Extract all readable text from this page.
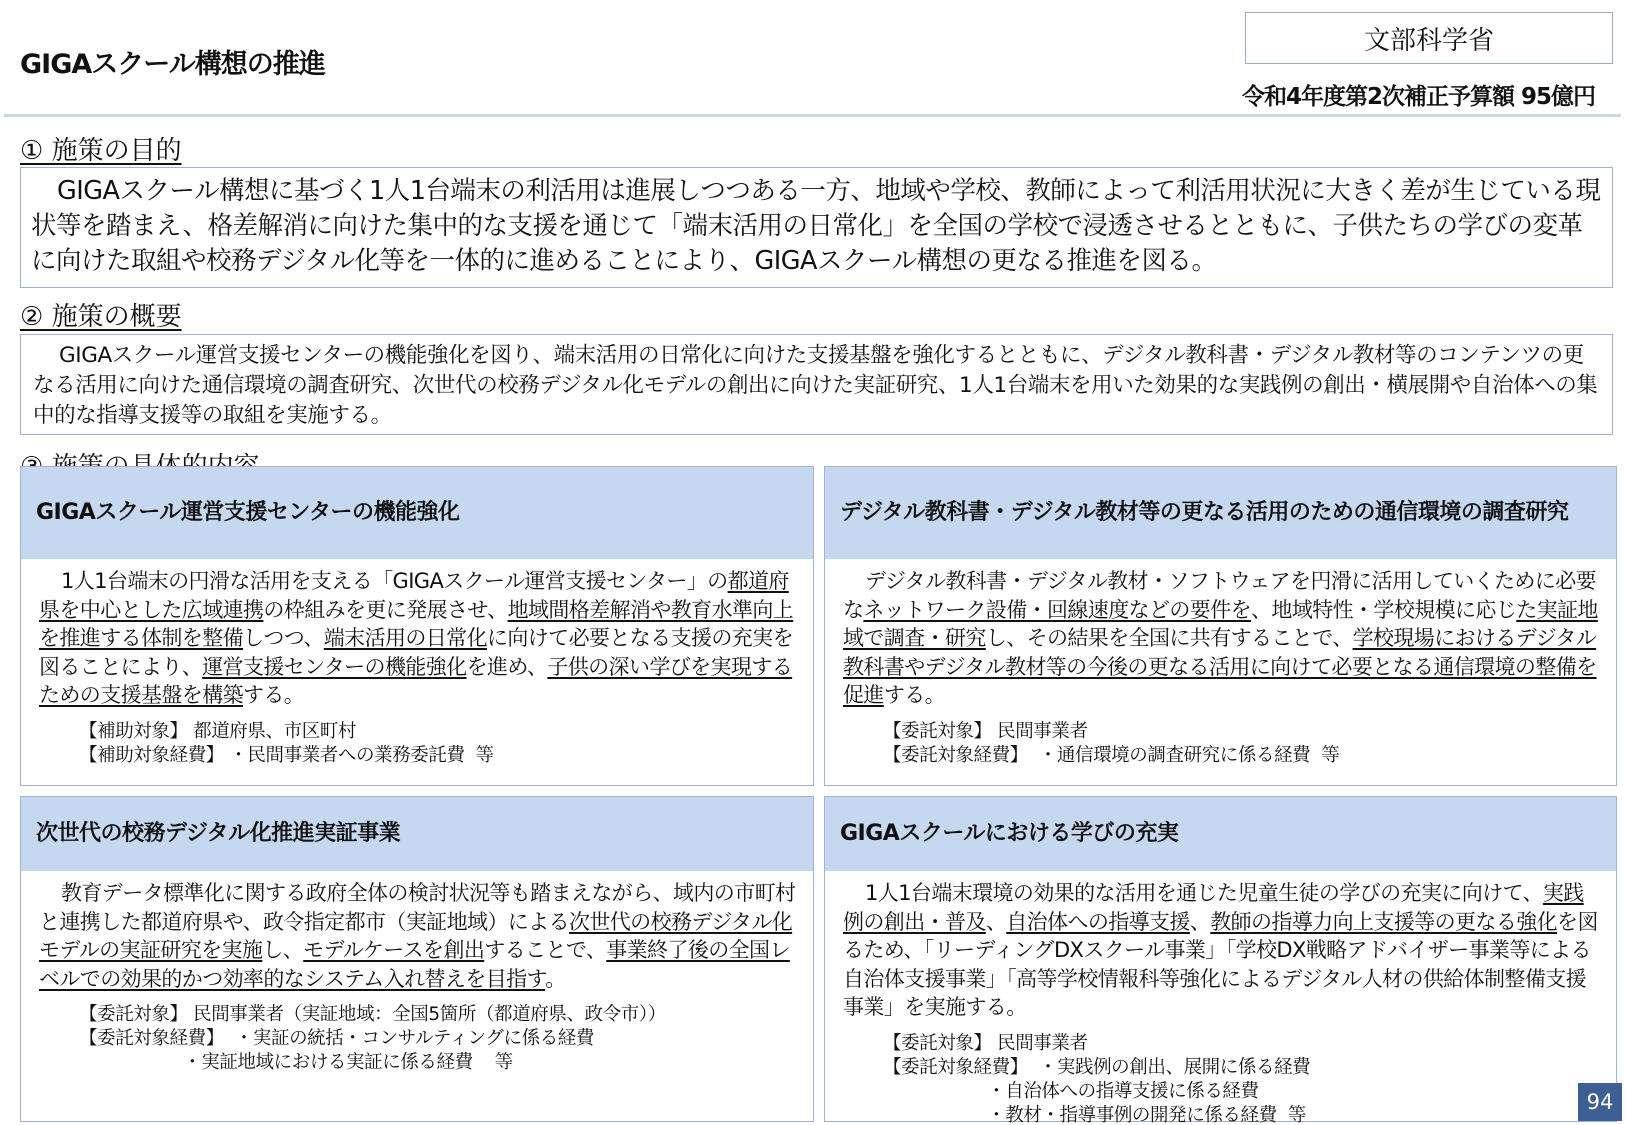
GIGAスクール構想の推進
文部科学省
令和4年度第2次補正予算額 95億円
① 施策の目的
GIGAスクール構想に基づく1人1台端末の利活用は進展しつつある一方、地域や学校、教師によって利活用状況に大きく差が生じている現状等を踏まえ、格差解消に向けた集中的な支援を通じて「端末活用の日常化」を全国の学校で浸透させるとともに、子供たちの学びの変革に向けた取組や校務デジタル化等を一体的に進めることにより、GIGAスクール構想の更なる推進を図る。
② 施策の概要
GIGAスクール運営支援センターの機能強化を図り、端末活用の日常化に向けた支援基盤を強化するとともに、デジタル教科書・デジタル教材等のコンテンツの更なる活用に向けた通信環境の調査研究、次世代の校務デジタル化モデルの創出に向けた実証研究、1人1台端末を用いた効果的な実践例の創出・横展開や自治体への集中的な指導支援等の取組を実施する。
GIGAスクール運営支援センターの機能強化

1人1台端末の円滑な活用を支える「GIGAスクール運営支援センター」の都道府県を中心とした広域連携の枠組みを更に発展させ、地域間格差解消や教育水準向上を推進する体制を整備しつつ、端末活用の日常化に向けて必要となる支援の充実を図ることにより、運営支援センターの機能強化を進め、子供の深い学びを実現するための支援基盤を構築する。

【補助対象】 都道府県、市区町村
【補助対象経費】 ・民間事業者への業務委託費  等
デジタル教科書・デジタル教材等の更なる活用のための通信環境の調査研究

デジタル教科書・デジタル教材・ソフトウェアを円滑に活用していくために必要なネットワーク設備・回線速度などの要件を、地域特性・学校規模に応じた実証地域で調査・研究し、その結果を全国に共有することで、学校現場におけるデジタル教科書やデジタル教材等の今後の更なる活用に向けて必要となる通信環境の整備を促進する。

【委託対象】 民間事業者
【委託対象経費】 ・通信環境の調査研究に係る経費  等
次世代の校務デジタル化推進実証事業

教育データ標準化に関する政府全体の検討状況等も踏まえながら、域内の市町村と連携した都道府県や、政令指定都市（実証地域）による次世代の校務デジタル化モデルの実証研究を実施し、モデルケースを創出することで、事業終了後の全国レベルでの効果的かつ効率的なシステム入れ替えを目指す。

【委託対象】 民間事業者（実証地域：全国5箇所（都道府県、政令市））
【委託対象経費】 ・実証の統括・コンサルティングに係る経費
・実証地域における実証に係る経費    等
GIGAスクールにおける学びの充実

1人1台端末環境の効果的な活用を通じた児童生徒の学びの充実に向けて、実践例の創出・普及、自治体への指導支援、教師の指導力向上支援等の更なる強化を図るため、「リーディングDXスクール事業」「学校DX戦略アドバイザー事業等による自治体支援事業」「高等学校情報科等強化によるデジタル人材の供給体制整備支援事業」を実施する。

【委託対象】 民間事業者
【委託対象経費】 ・実践例の創出、展開に係る経費
・自治体への指導支援に係る経費
・教材・指導事例の開発に係る経費  等
94
